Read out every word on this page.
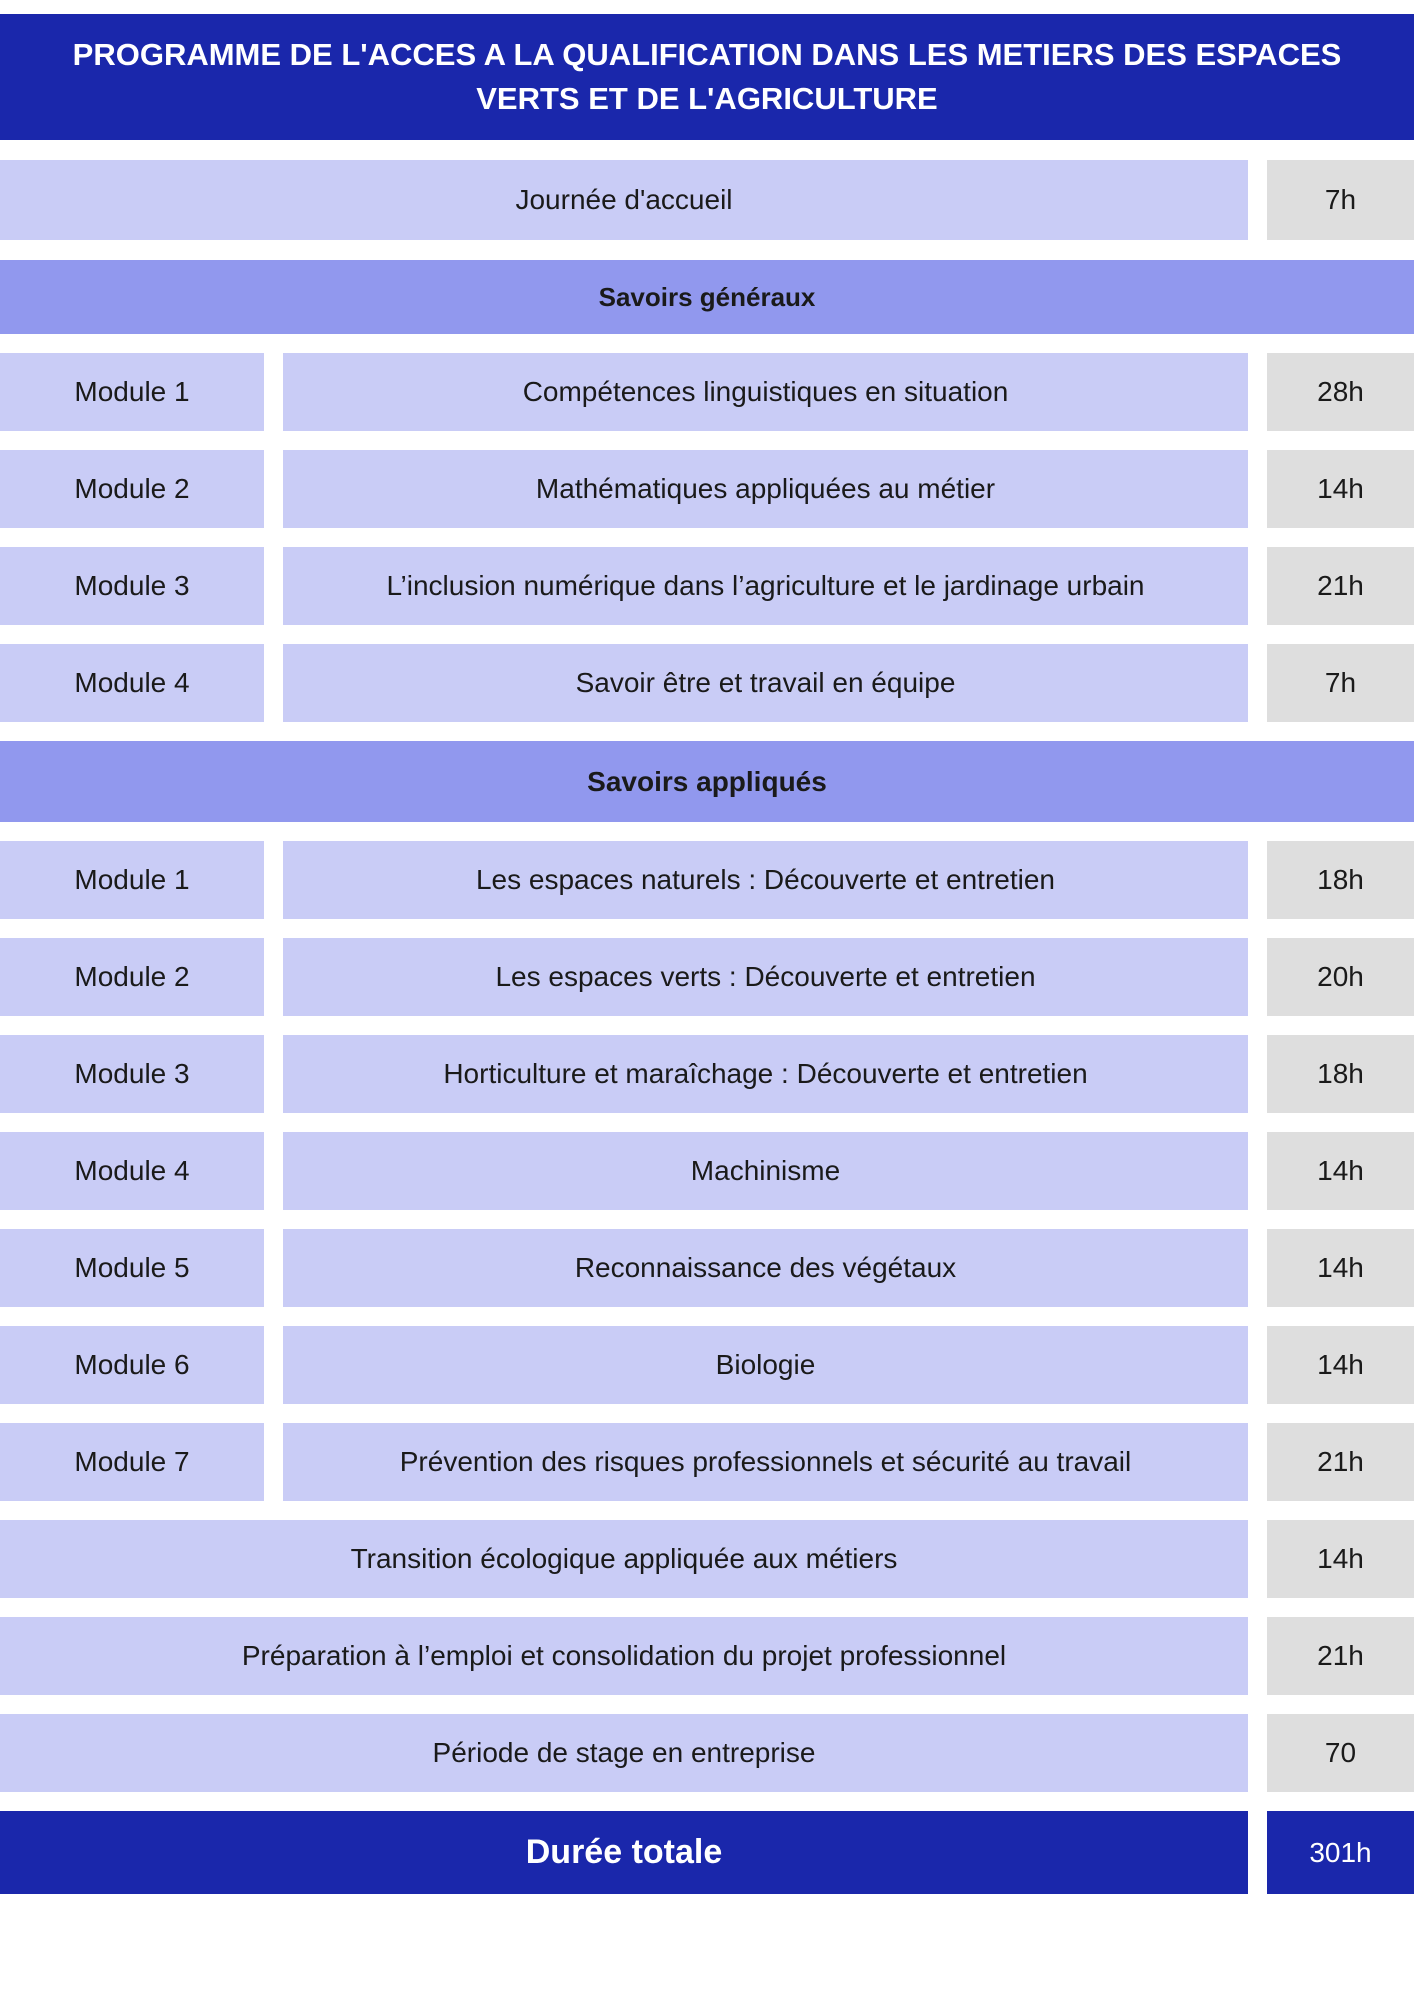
PROGRAMME DE L'ACCES A LA QUALIFICATION DANS LES METIERS DES ESPACES VERTS ET DE L'AGRICULTURE
Journée d'accueil	7h
Savoirs généraux
Module 1	Compétences linguistiques en situation	28h
Module 2	Mathématiques appliquées au métier	14h
Module 3	L’inclusion numérique dans l’agriculture et le jardinage urbain	21h
Module 4	Savoir être et travail en équipe	7h
Savoirs appliqués
Module 1	Les espaces naturels : Découverte et entretien	18h
Module 2	Les espaces verts : Découverte et entretien	20h
Module 3	Horticulture et maraîchage : Découverte et entretien	18h
Module 4	Machinisme	14h
Module 5	Reconnaissance des végétaux	14h
Module 6	Biologie	14h
Module 7	Prévention des risques professionnels et sécurité au travail	21h
Transition écologique appliquée aux métiers	14h
Préparation à l’emploi et consolidation du projet professionnel	21h
Période de stage en entreprise	70
Durée totale	301h
